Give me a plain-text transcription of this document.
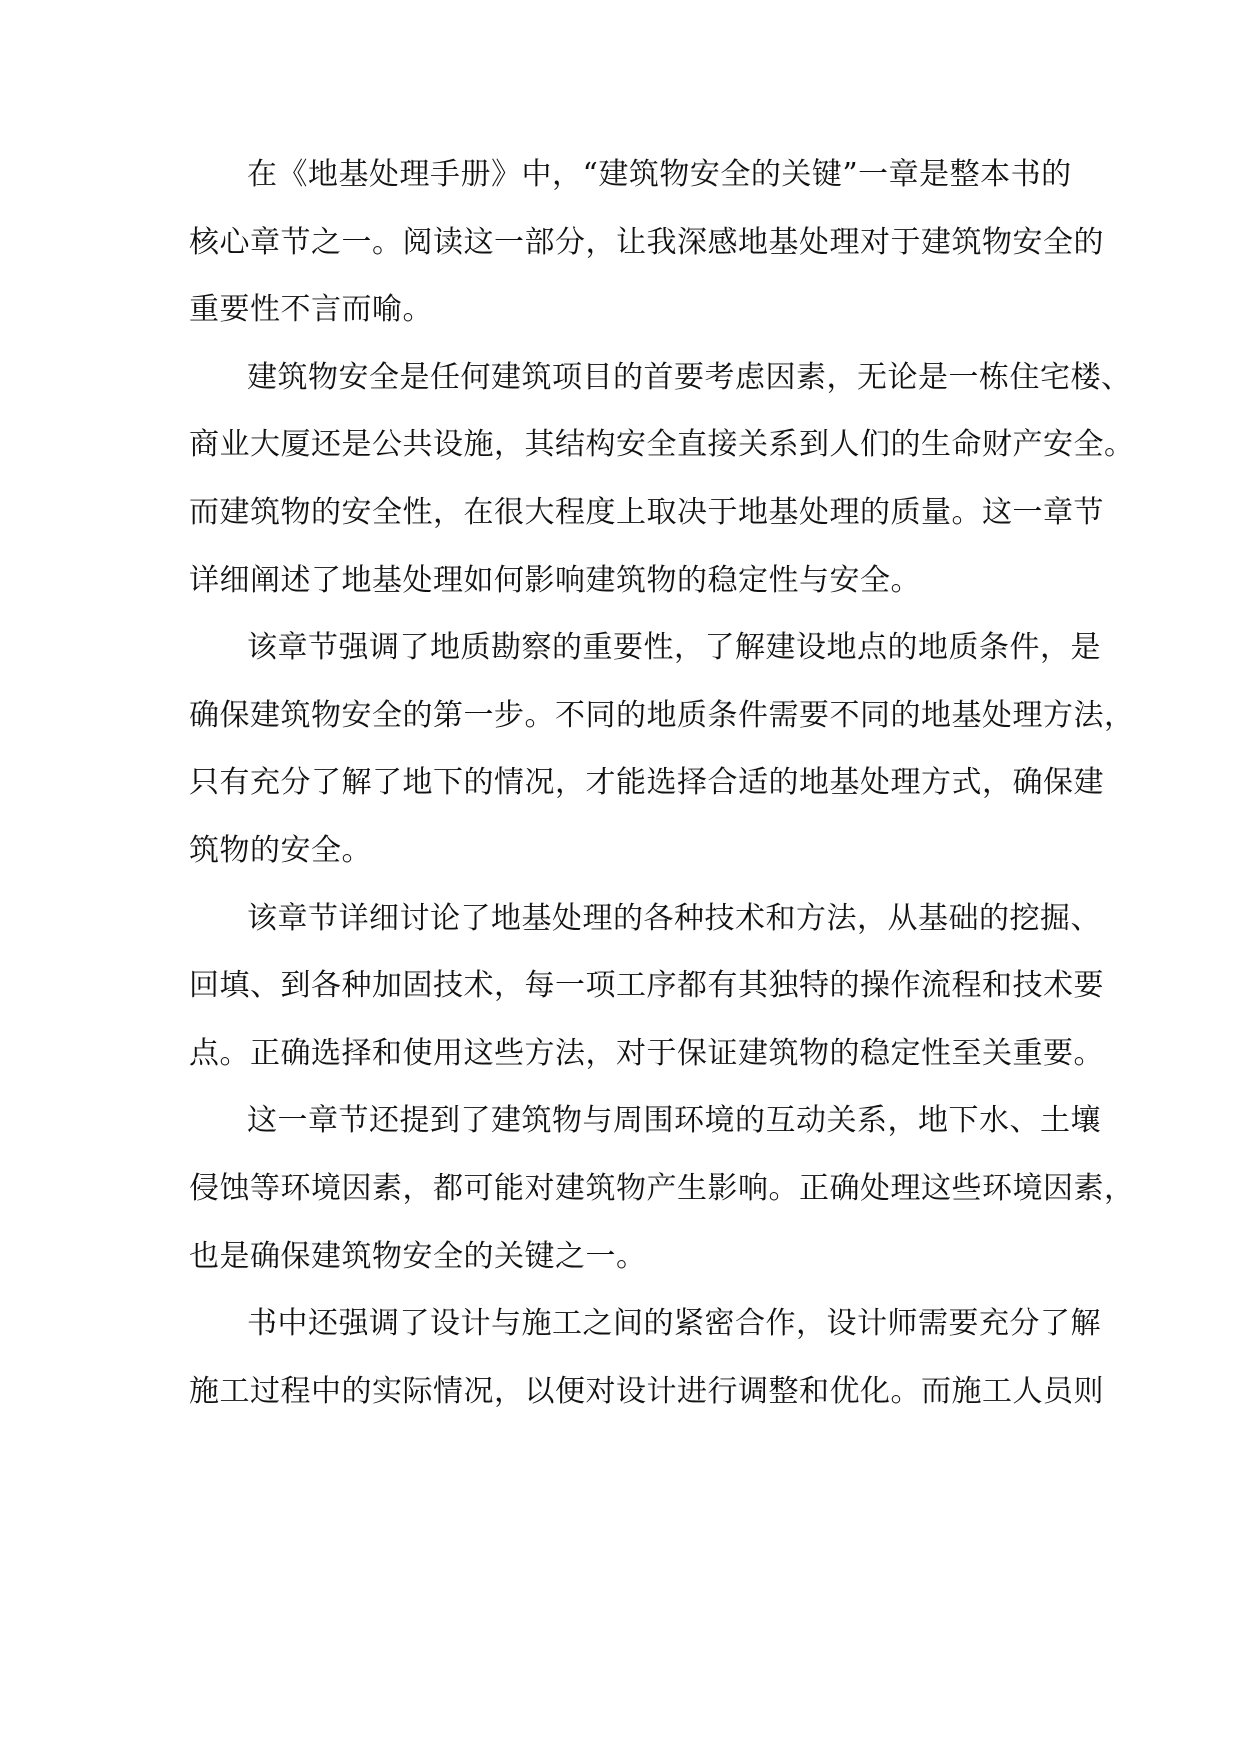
在《地基处理手册》中，“建筑物安全的关键”一章是整本书的
核心章节之一。阅读这一部分，让我深感地基处理对于建筑物安全的
重要性不言而喻。
建筑物安全是任何建筑项目的首要考虑因素，无论是一栋住宅楼、
商业大厦还是公共设施，其结构安全直接关系到人们的生命财产安全。
而建筑物的安全性，在很大程度上取决于地基处理的质量。这一章节
详细阐述了地基处理如何影响建筑物的稳定性与安全。
该章节强调了地质勘察的重要性，了解建设地点的地质条件，是
确保建筑物安全的第一步。不同的地质条件需要不同的地基处理方法，
只有充分了解了地下的情况，才能选择合适的地基处理方式，确保建
筑物的安全。
该章节详细讨论了地基处理的各种技术和方法，从基础的挖掘、
回填、到各种加固技术，每一项工序都有其独特的操作流程和技术要
点。正确选择和使用这些方法，对于保证建筑物的稳定性至关重要。
这一章节还提到了建筑物与周围环境的互动关系，地下水、土壤
侵蚀等环境因素，都可能对建筑物产生影响。正确处理这些环境因素，
也是确保建筑物安全的关键之一。
书中还强调了设计与施工之间的紧密合作，设计师需要充分了解
施工过程中的实际情况，以便对设计进行调整和优化。而施工人员则
